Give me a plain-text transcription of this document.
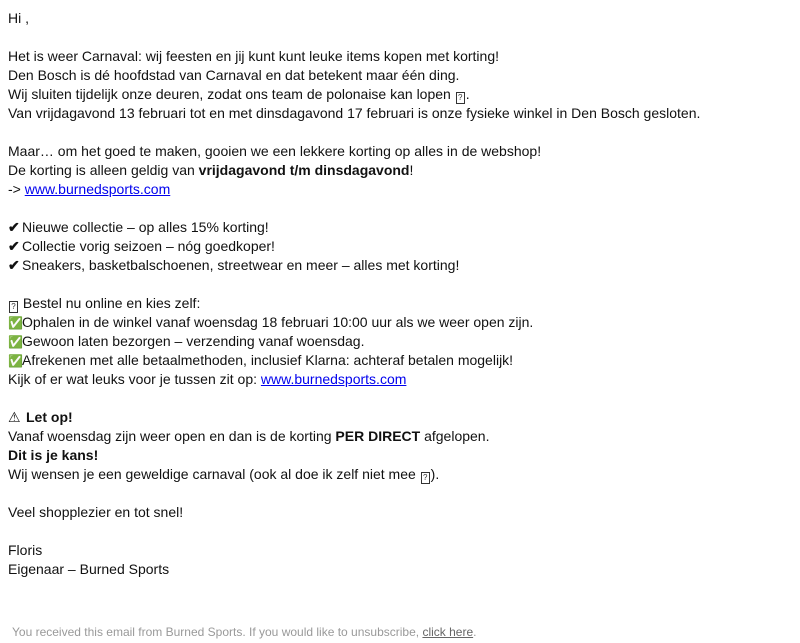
Hi ,
Het is weer Carnaval: wij feesten en jij kunt kunt leuke items kopen met korting!
Den Bosch is dé hoofdstad van Carnaval en dat betekent maar één ding.
Wij sluiten tijdelijk onze deuren, zodat ons team de polonaise kan lopen ? .
Van vrijdagavond 13 februari tot en met dinsdagavond 17 februari is onze fysieke winkel in Den Bosch gesloten.
Maar… om het goed te maken, gooien we een lekkere korting op alles in de webshop!
De korting is alleen geldig van vrijdagavond t/m dinsdagavond!
-> www.burnedsports.com
✔ Nieuwe collectie – op alles 15% korting!
✔ Collectie vorig seizoen – nóg goedkoper!
✔ Sneakers, basketbalschoenen, streetwear en meer – alles met korting!
? Bestel nu online en kies zelf:
✅Ophalen in de winkel vanaf woensdag 18 februari 10:00 uur als we weer open zijn.
✅Gewoon laten bezorgen – verzending vanaf woensdag.
✅Afrekenen met alle betaalmethoden, inclusief Klarna: achteraf betalen mogelijk!
Kijk of er wat leuks voor je tussen zit op: www.burnedsports.com
⚠ Let op!
Vanaf woensdag zijn weer open en dan is de korting PER DIRECT afgelopen.
Dit is je kans!
Wij wensen je een geweldige carnaval (ook al doe ik zelf niet mee ? ).
Veel shopplezier en tot snel!
Floris
Eigenaar – Burned Sports
You received this email from Burned Sports. If you would like to unsubscribe, click here.
